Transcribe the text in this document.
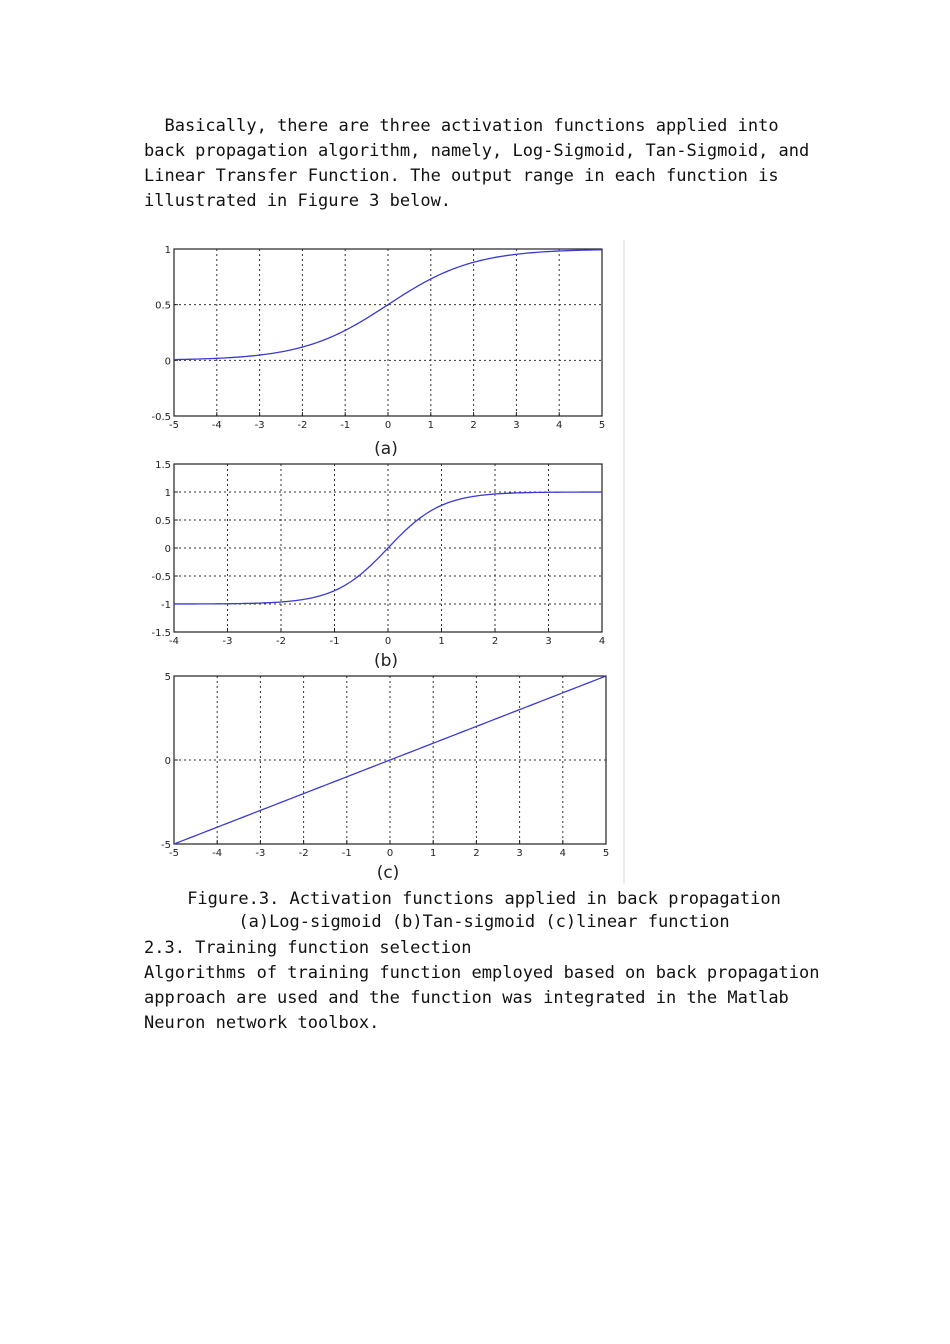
Basically, there are three activation functions applied into back propagation algorithm, namely, Log-Sigmoid, Tan-Sigmoid, and Linear Transfer Function. The output range in each function is illustrated in Figure 3 below.

-5	-4	-3	-2	-1	0	1	2	3	4	5
-0.5
0
0.5
1
(a)
-4	-3	-2	-1	0	1	2	3	4
-1.5
-1
-0.5
0
0.5
1
1.5
(b)
-5	-4	-3	-2	-1	0	1	2	3	4	5
-5
0
5
(c)

Figure.3. Activation functions applied in back propagation

(a)Log-sigmoid (b)Tan-sigmoid (c)linear function

2.3. Training function selection

Algorithms of training function employed based on back propagation approach are used and the function was integrated in the Matlab Neuron network toolbox.
